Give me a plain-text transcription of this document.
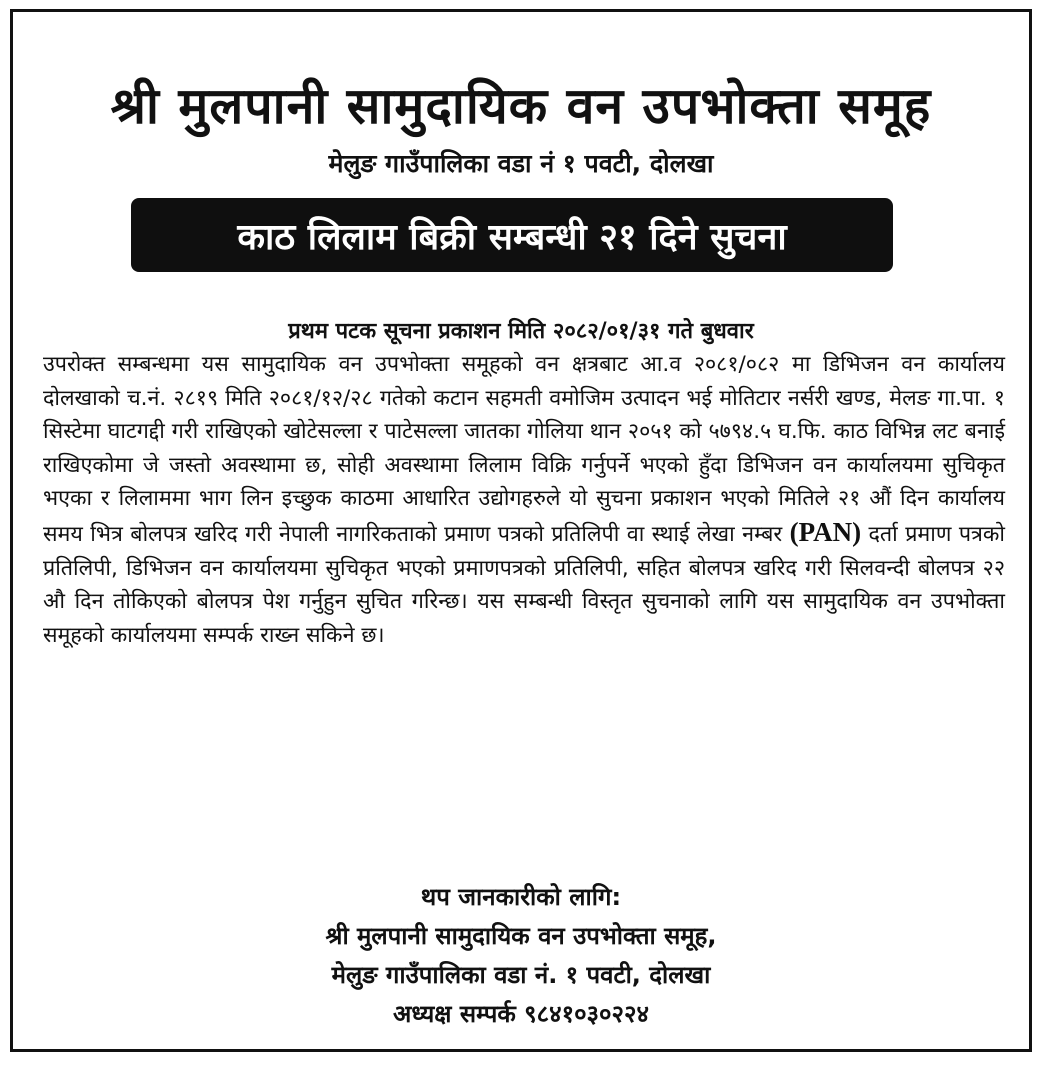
श्री मुलपानी सामुदायिक वन उपभोक्ता समूह
मेलुङ गाउँपालिका वडा नं १ पवटी, दोलखा
काठ लिलाम बिक्री सम्बन्धी २१ दिने सुचना
प्रथम पटक सूचना प्रकाशन मिति २०८२/०१/३१ गते बुधवार

उपरोक्त सम्बन्धमा यस सामुदायिक वन उपभोक्ता समूहको वन क्षत्रबाट आ.व २०८१/०८२ मा डिभिजन वन कार्यालय दोलखाको च.नं. २८१९ मिति २०८१/१२/२८ गतेको कटान सहमती वमोजिम उत्पादन भई मोतिटार नर्सरी खण्ड, मेलङ गा.पा. १ सिस्टेमा घाटगद्दी गरी राखिएको खोटेसल्ला र पाटेसल्ला जातका गोलिया थान २०५१ को ५७९४.५ घ.फि. काठ विभिन्न लट बनाई राखिएकोमा जे जस्तो अवस्थामा छ, सोही अवस्थामा लिलाम विक्रि गर्नुपर्ने भएको हुँदा डिभिजन वन कार्यालयमा सुचिकृत भएका र लिलाममा भाग लिन इच्छुक काठमा आधारित उद्योगहरुले यो सुचना प्रकाशन भएको मितिले २१ औं दिन कार्यालय समय भित्र बोलपत्र खरिद गरी नेपाली नागरिकताको प्रमाण पत्रको प्रतिलिपी वा स्थाई लेखा नम्बर (PAN) दर्ता प्रमाण पत्रको प्रतिलिपी, डिभिजन वन कार्यालयमा सुचिकृत भएको प्रमाणपत्रको प्रतिलिपी, सहित बोलपत्र खरिद गरी सिलवन्दी बोलपत्र २२ औ दिन तोकिएको बोलपत्र पेश गर्नुहुन सुचित गरिन्छ। यस सम्बन्धी विस्तृत सुचनाको लागि यस सामुदायिक वन उपभोक्ता समूहको कार्यालयमा सम्पर्क राख्न सकिने छ।

थप जानकारीको लागि:
श्री मुलपानी सामुदायिक वन उपभोक्ता समूह,
मेलुङ गाउँपालिका वडा नं. १ पवटी, दोलखा
अध्यक्ष सम्पर्क ९८४१०३०२२४
